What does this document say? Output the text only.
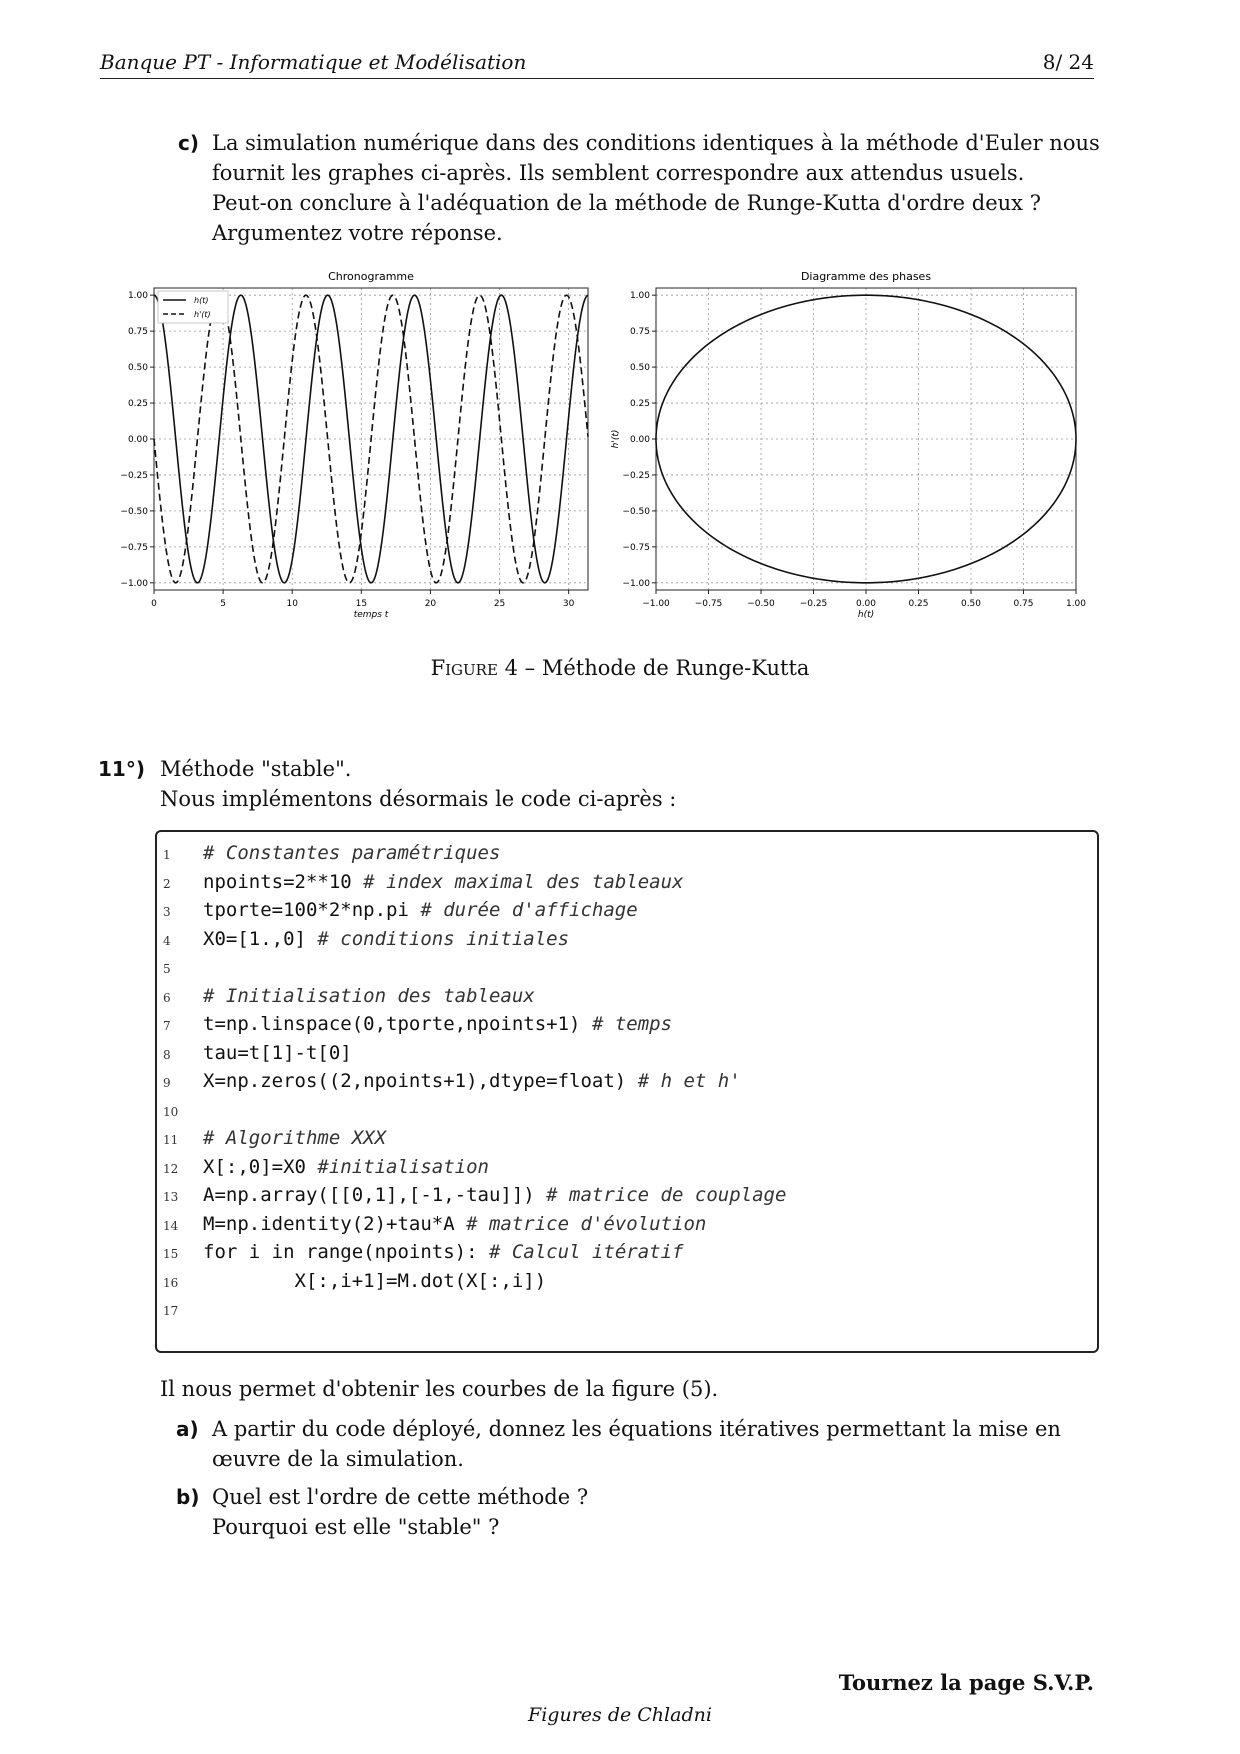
Banque PT - Informatique et Modélisation	8/ 24
c) La simulation numérique dans des conditions identiques à la méthode d'Euler nous
fournit les graphes ci-après. Ils semblent correspondre aux attendus usuels.
Peut-on conclure à l'adéquation de la méthode de Runge-Kutta d'ordre deux ?
Argumentez votre réponse.
0	5	10	15	20	25	30
1.00
0.75
0.50
0.25
0.00
−0.25
−0.50
−0.75
−1.00
Chronogramme
temps t
h(t)
h'(t)
−1.00	−0.75	−0.50	−0.25	0.00	0.25	0.50	0.75	1.00
1.00
0.75
0.50
0.25
0.00
−0.25
−0.50
−0.75
−1.00
Diagramme des phases
h(t)
h'(t)
Figure 4 – Méthode de Runge-Kutta
11°) Méthode "stable".
Nous implémentons désormais le code ci-après :
1 # Constantes paramétriques
2 npoints=2**10 # index maximal des tableaux
3 tporte=100*2*np.pi # durée d'affichage
4 X0=[1.,0] # conditions initiales
5
6 # Initialisation des tableaux
7 t=np.linspace(0,tporte,npoints+1) # temps
8 tau=t[1]-t[0]
9 X=np.zeros((2,npoints+1),dtype=float) # h et h'
10
11 # Algorithme XXX
12 X[:,0]=X0 #initialisation
13 A=np.array([[0,1],[-1,-tau]]) # matrice de couplage
14 M=np.identity(2)+tau*A # matrice d'évolution
15 for i in range(npoints): # Calcul itératif
16 X[:,i+1]=M.dot(X[:,i])
17
Il nous permet d'obtenir les courbes de la figure (5).
a) A partir du code déployé, donnez les équations itératives permettant la mise en
œuvre de la simulation.
b) Quel est l'ordre de cette méthode ?
Pourquoi est elle "stable" ?
Tournez la page S.V.P.
Figures de Chladni
